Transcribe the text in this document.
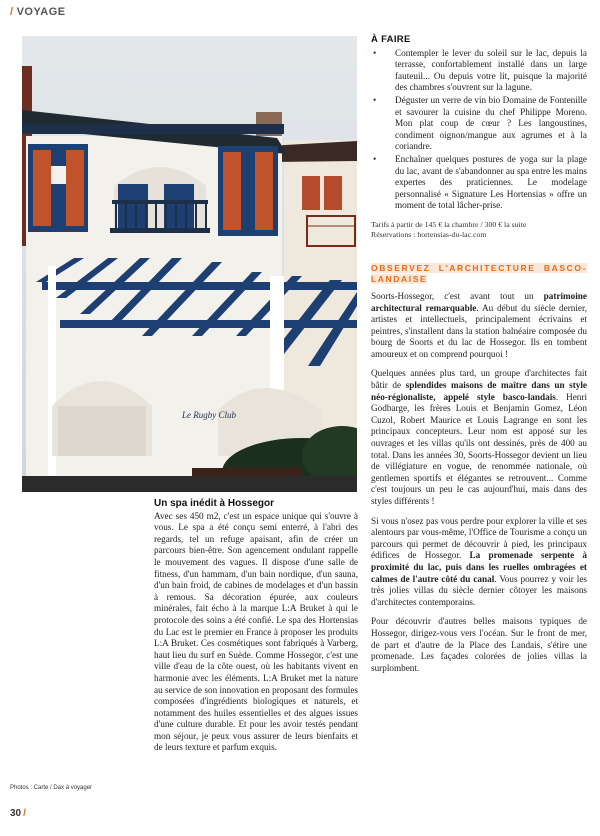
/ VOYAGE
Le Rugby Club
Photos : Carte / Dax à voyager
Un spa inédit à Hossegor

Avec ses 450 m2, c'est un espace unique qui s'ouvre à vous. Le spa a été conçu semi enterré, à l'abri des regards, tel un refuge apaisant, afin de créer un parcours bien-être. Son agencement ondulant rappelle le mouvement des vagues. Il dispose d'une salle de fitness, d'un hammam, d'un bain nordique, d'un sauna, d'un bain froid, de cabines de modelages et d'un bassin à remous. Sa décoration épurée, aux couleurs minérales, fait écho à la marque L:A Bruket à qui le protocole des soins a été confié. Le spa des Hortensias du Lac est le premier en France à proposer les produits L:A Bruket. Ces cosmétiques sont fabriqués à Varberg, haut lieu du surf en Suède. Comme Hossegor, c'est une ville d'eau de la côte ouest, où les habitants vivent en harmonie avec les éléments. L:A Bruket met la nature au service de son innovation en proposant des formules composées d'ingrédients biologiques et naturels, et notamment des huiles essentielles et des algues issues d'une culture durable. Et pour les avoir testés pendant mon séjour, je peux vous assurer de leurs bienfaits et de leurs texture et parfum exquis.

À FAIRE
• Contempler le lever du soleil sur le lac, depuis la terrasse, confortablement installé dans un large fauteuil... Ou depuis votre lit, puisque la majorité des chambres s'ouvrent sur la lagune.
• Déguster un verre de vin bio Domaine de Fontenille et savourer la cuisine du chef Philippe Moreno. Mon plat coup de cœur ? Les langoustines, condiment oignon/mangue aux agrumes et à la coriandre.
• Enchaîner quelques postures de yoga sur la plage du lac, avant de s'abandonner au spa entre les mains expertes des praticiennes. Le modelage personnalisé « Signature Les Hortensias » offre un moment de total lâcher-prise.
Tarifs à partir de 145 € la chambre / 300 € la suite
Réservations : hortensias-du-lac.com
OBSERVEZ L'ARCHITECTURE BASCO-LANDAISE

Soorts-Hossegor, c'est avant tout un patrimoine architectural remarquable. Au début du siècle dernier, artistes et intellectuels, principalement écrivains et peintres, s'installent dans la station balnéaire composée du bourg de Soorts et du lac de Hossegor. Ils en tombent amoureux et on comprend pourquoi !

Quelques années plus tard, un groupe d'architectes fait bâtir de splendides maisons de maître dans un style néo-régionaliste, appelé style basco-landais. Henri Godbarge, les frères Louis et Benjamin Gomez, Léon Cuzol, Robert Maurice et Louis Lagrange en sont les principaux concepteurs. Leur nom est apposé sur les ouvrages et les villas qu'ils ont dessinés, près de 400 au total. Dans les années 30, Soorts-Hossegor devient un lieu de villégiature en vogue, de renommée nationale, où gentlemen sportifs et élégantes se retrouvent... Comme c'est toujours un peu le cas aujourd'hui, mais dans des styles différents !

Si vous n'osez pas vous perdre pour explorer la ville et ses alentours par vous-même, l'Office de Tourisme a conçu un parcours qui permet de découvrir à pied, les principaux édifices de Hossegor. La promenade serpente à proximité du lac, puis dans les ruelles ombragées et calmes de l'autre côté du canal. Vous pourrez y voir les très jolies villas du siècle dernier côtoyer les maisons d'architectes contemporains.

Pour découvrir d'autres belles maisons typiques de Hossegor, dirigez-vous vers l'océan. Sur le front de mer, de part et d'autre de la Place des Landais, s'étire une promenade. Les façades colorées de jolies villas la surplombent.

30 /
